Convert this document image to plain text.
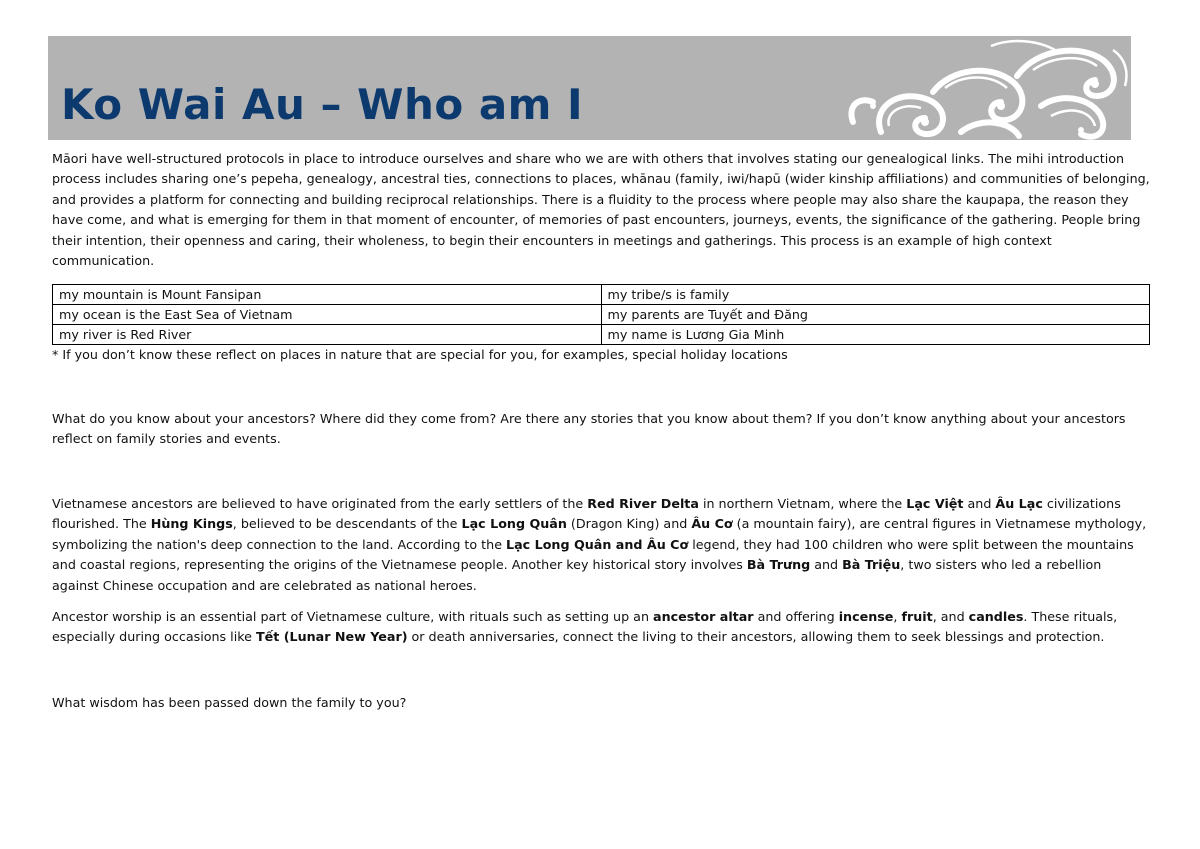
Ko Wai Au – Who am I

Māori have well-structured protocols in place to introduce ourselves and share who we are with others that involves stating our genealogical links. The mihi introduction process includes sharing one’s pepeha, genealogy, ancestral ties, connections to places, whānau (family, iwi/hapū (wider kinship affiliations) and communities of belonging, and provides a platform for connecting and building reciprocal relationships. There is a fluidity to the process where people may also share the kaupapa, the reason they have come, and what is emerging for them in that moment of encounter, of memories of past encounters, journeys, events, the significance of the gathering. People bring their intention, their openness and caring, their wholeness, to begin their encounters in meetings and gatherings. This process is an example of high context communication.

my mountain is Mount Fansipan	my tribe/s is family
my ocean is the East Sea of Vietnam	my parents are Tuyết and Đăng
my river is Red River	my name is Lương Gia Minh

* If you don’t know these reflect on places in nature that are special for you, for examples, special holiday locations

What do you know about your ancestors? Where did they come from? Are there any stories that you know about them? If you don’t know anything about your ancestors reflect on family stories and events.

Vietnamese ancestors are believed to have originated from the early settlers of the Red River Delta in northern Vietnam, where the Lạc Việt and Âu Lạc civilizations flourished. The Hùng Kings, believed to be descendants of the Lạc Long Quân (Dragon King) and Âu Cơ (a mountain fairy), are central figures in Vietnamese mythology, symbolizing the nation's deep connection to the land. According to the Lạc Long Quân and Âu Cơ legend, they had 100 children who were split between the mountains and coastal regions, representing the origins of the Vietnamese people. Another key historical story involves Bà Trưng and Bà Triệu, two sisters who led a rebellion against Chinese occupation and are celebrated as national heroes.

Ancestor worship is an essential part of Vietnamese culture, with rituals such as setting up an ancestor altar and offering incense, fruit, and candles. These rituals, especially during occasions like Tết (Lunar New Year) or death anniversaries, connect the living to their ancestors, allowing them to seek blessings and protection.

What wisdom has been passed down the family to you?
